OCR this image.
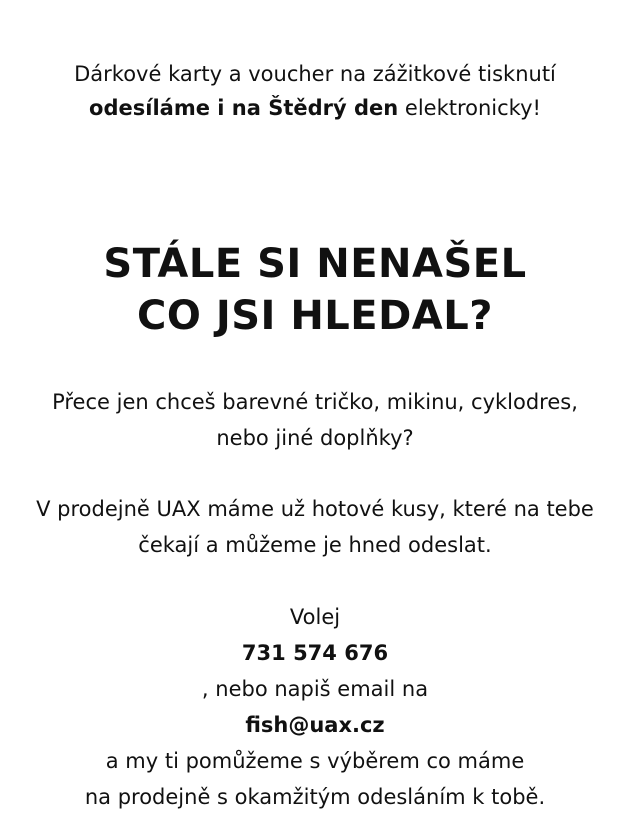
Dárkové karty a voucher na zážitkové tisknutí
odesíláme i na Štědrý den elektronicky!
STÁLE SI NENAŠEL
CO JSI HLEDAL?
Přece jen chceš barevné tričko, mikinu, cyklodres,
nebo jiné doplňky?
V prodejně UAX máme už hotové kusy, které na tebe
čekají a můžeme je hned odeslat.
Volej
731 574 676
, nebo napiš email na
fish@uax.cz
a my ti pomůžeme s výběrem co máme
na prodejně s okamžitým odesláním k tobě.
